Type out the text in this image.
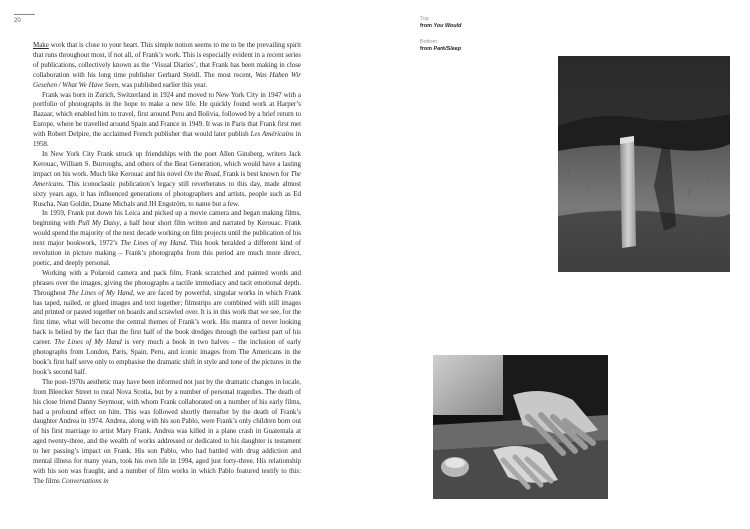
20

Make work that is close to your heart. This simple notion seems to me to be the prevailing spirit that runs throughout most, if not all, of Frank’s work. This is especially evident in a recent series of publications, collectively known as the ‘Visual Diaries’, that Frank has been making in close collaboration with his long time publisher Gerhard Steidl. The most recent, Was Haben Wir Gesehen / What We Have Seen, was published earlier this year.

Frank was born in Zurich, Switzerland in 1924 and moved to New York City in 1947 with a portfolio of photographs in the hope to make a new life. He quickly found work at Harper’s Bazaar, which enabled him to travel, first around Peru and Bolivia, followed by a brief return to Europe, where he travelled around Spain and France in 1949. It was in Paris that Frank first met with Robert Delpire, the acclaimed French publisher that would later publish Les Américains in 1958.

In New York City Frank struck up friendships with the poet Allen Ginsberg, writers Jack Kerouac, William S. Burroughs, and others of the Beat Generation, which would have a lasting impact on his work. Much like Kerouac and his novel On the Road, Frank is best known for The Americans. This iconoclastic publication’s legacy still reverberates to this day, made almost sixty years ago, it has influenced generations of photographers and artists, people such as Ed Ruscha, Nan Goldin, Duane Michals and JH Engström, to name but a few.

In 1959, Frank put down his Leica and picked up a movie camera and began making films, beginning with Pull My Daisy, a half hour short film written and narrated by Kerouac. Frank would spend the majority of the next decade working on film projects until the publication of his next major bookwork, 1972’s The Lines of my Hand. This book heralded a different kind of revolution in picture making – Frank’s photographs from this period are much more direct, poetic, and deeply personal.

Working with a Polaroid camera and pack film, Frank scratched and painted words and phrases over the images, giving the photographs a tactile immediacy and tacit emotional depth. Throughout The Lines of My Hand, we are faced by powerful, singular works in which Frank has taped, nailed, or glued images and text together; filmstrips are combined with still images and printed or pasted together on boards and scrawled over. It is in this work that we see, for the first time, what will become the central themes of Frank’s work. His mantra of never looking back is belied by the fact that the first half of the book dredges through the earliest part of his career. The Lines of My Hand is very much a book in two halves – the inclusion of early photographs from London, Paris, Spain, Peru, and iconic images from The Americans in the book’s first half serve only to emphasise the dramatic shift in style and tone of the pictures in the book’s second half.

The post-1970s aesthetic may have been informed not just by the dramatic changes in locale, from Bleecker Street to rural Nova Scotia, but by a number of personal tragedies. The death of his close friend Danny Seymour, with whom Frank collaborated on a number of his early films, had a profound effect on him. This was followed shortly thereafter by the death of Frank’s daughter Andrea in 1974. Andrea, along with his son Pablo, were Frank’s only children born out of his first marriage to artist Mary Frank. Andrea was killed in a plane crash in Guatemala at aged twenty-three, and the wealth of works addressed or dedicated to his daughter is testament to her passing’s impact on Frank. His son Pablo, who had battled with drug addiction and mental illness for many years, took his own life in 1994, aged just forty-three. His relationship with his son was fraught, and a number of film works in which Pablo featured testify to this: The films Conversations in

Top
from You Would
Bottom
from Park/Sleep
